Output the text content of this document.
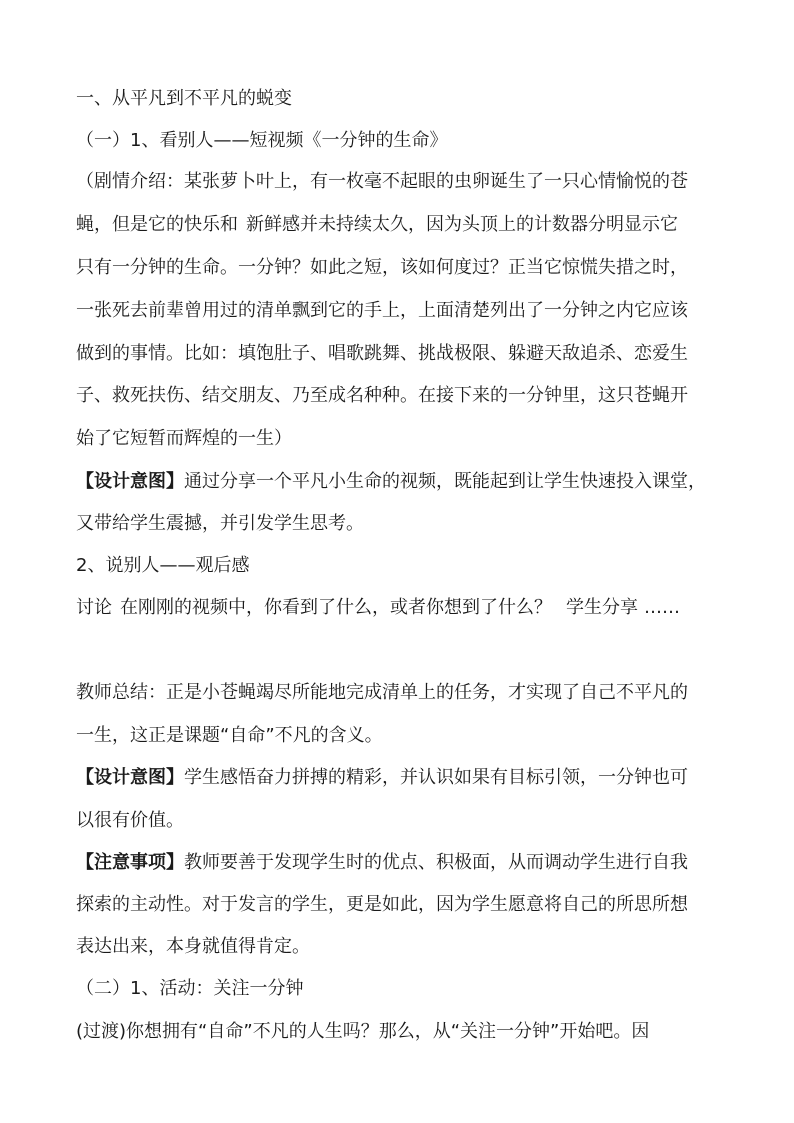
一、从平凡到不平凡的蜕变
（一）1、看别人——短视频《一分钟的生命》
（剧情介绍：某张萝卜叶上，有一枚毫不起眼的虫卵诞生了一只心情愉悦的苍
蝇，但是它的快乐和 新鲜感并未持续太久，因为头顶上的计数器分明显示它
只有一分钟的生命。一分钟？如此之短，该如何度过？正当它惊慌失措之时，
一张死去前辈曾用过的清单飘到它的手上，上面清楚列出了一分钟之内它应该
做到的事情。比如：填饱肚子、唱歌跳舞、挑战极限、躲避天敌追杀、恋爱生
子、救死扶伤、结交朋友、乃至成名种种。在接下来的一分钟里，这只苍蝇开
始了它短暂而辉煌的一生）
【设计意图】通过分享一个平凡小生命的视频，既能起到让学生快速投入课堂，
又带给学生震撼，并引发学生思考。
2、说别人——观后感
讨论 在刚刚的视频中，你看到了什么，或者你想到了什么？ 学生分享 ……
教师总结：正是小苍蝇竭尽所能地完成清单上的任务，才实现了自己不平凡的
一生，这正是课题“自命”不凡的含义。
【设计意图】学生感悟奋力拼搏的精彩，并认识如果有目标引领，一分钟也可
以很有价值。
【注意事项】教师要善于发现学生时的优点、积极面，从而调动学生进行自我
探索的主动性。对于发言的学生，更是如此，因为学生愿意将自己的所思所想
表达出来，本身就值得肯定。
（二）1、活动：关注一分钟
(过渡)你想拥有“自命”不凡的人生吗？那么，从“关注一分钟”开始吧。因
